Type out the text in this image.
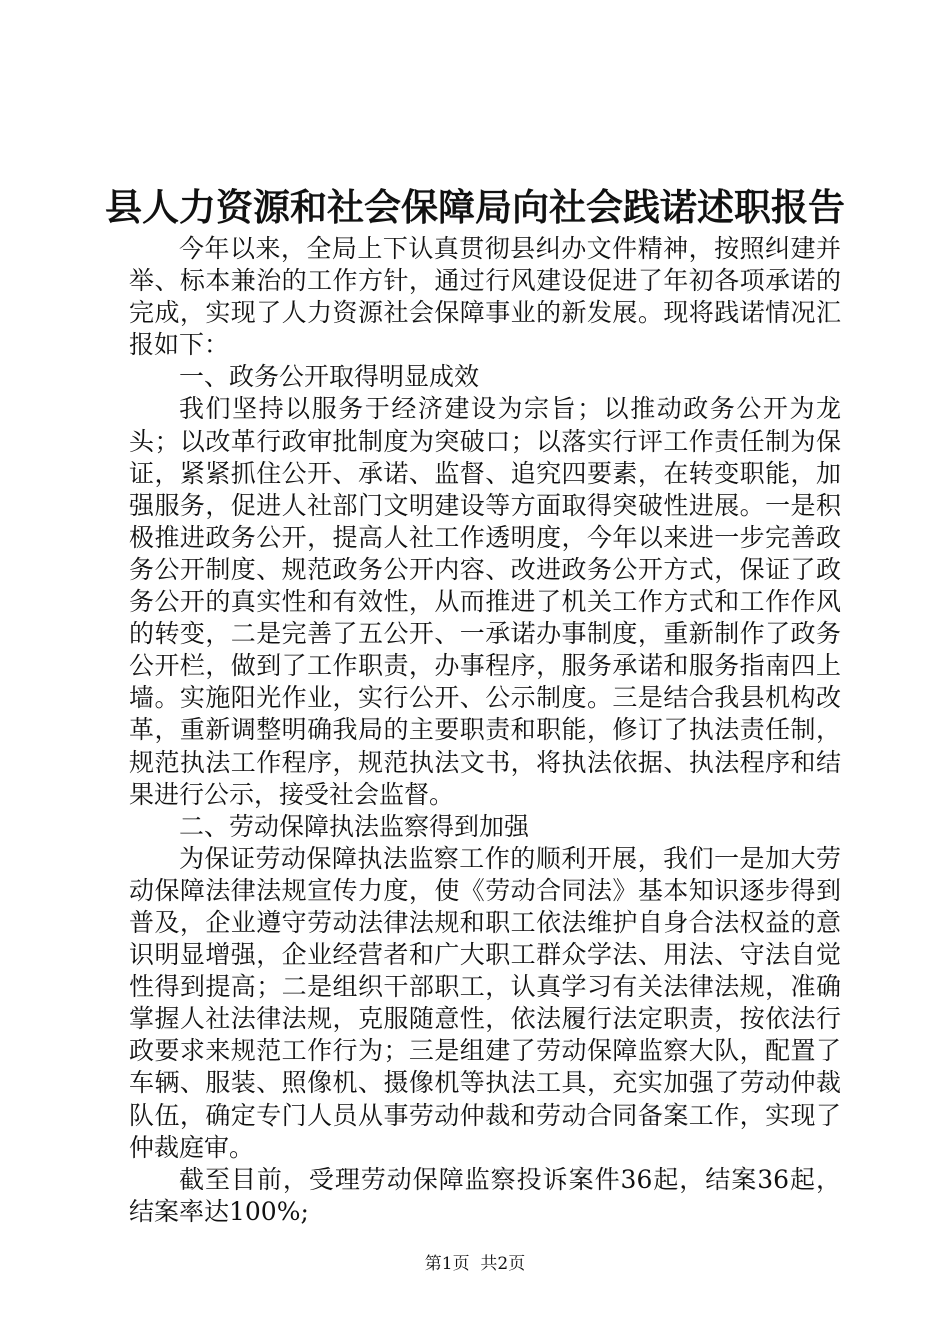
县人力资源和社会保障局向社会践诺述职报告

今年以来，全局上下认真贯彻县纠办文件精神，按照纠建并举、标本兼治的工作方针，通过行风建设促进了年初各项承诺的完成，实现了人力资源社会保障事业的新发展。现将践诺情况汇报如下：

一、政务公开取得明显成效

我们坚持以服务于经济建设为宗旨；以推动政务公开为龙头；以改革行政审批制度为突破口；以落实行评工作责任制为保证，紧紧抓住公开、承诺、监督、追究四要素，在转变职能，加强服务，促进人社部门文明建设等方面取得突破性进展。一是积极推进政务公开，提高人社工作透明度，今年以来进一步完善政务公开制度、规范政务公开内容、改进政务公开方式，保证了政务公开的真实性和有效性，从而推进了机关工作方式和工作作风的转变，二是完善了五公开、一承诺办事制度，重新制作了政务公开栏，做到了工作职责，办事程序，服务承诺和服务指南四上墙。实施阳光作业，实行公开、公示制度。三是结合我县机构改革，重新调整明确我局的主要职责和职能，修订了执法责任制，规范执法工作程序，规范执法文书，将执法依据、执法程序和结果进行公示，接受社会监督。

二、劳动保障执法监察得到加强

为保证劳动保障执法监察工作的顺利开展，我们一是加大劳动保障法律法规宣传力度，使《劳动合同法》基本知识逐步得到普及，企业遵守劳动法律法规和职工依法维护自身合法权益的意识明显增强，企业经营者和广大职工群众学法、用法、守法自觉性得到提高；二是组织干部职工，认真学习有关法律法规，准确掌握人社法律法规，克服随意性，依法履行法定职责，按依法行政要求来规范工作行为；三是组建了劳动保障监察大队，配置了车辆、服装、照像机、摄像机等执法工具，充实加强了劳动仲裁队伍，确定专门人员从事劳动仲裁和劳动合同备案工作，实现了仲裁庭审。

截至目前，受理劳动保障监察投诉案件36起，结案36起，结案率达100%;

第1页  共2页
